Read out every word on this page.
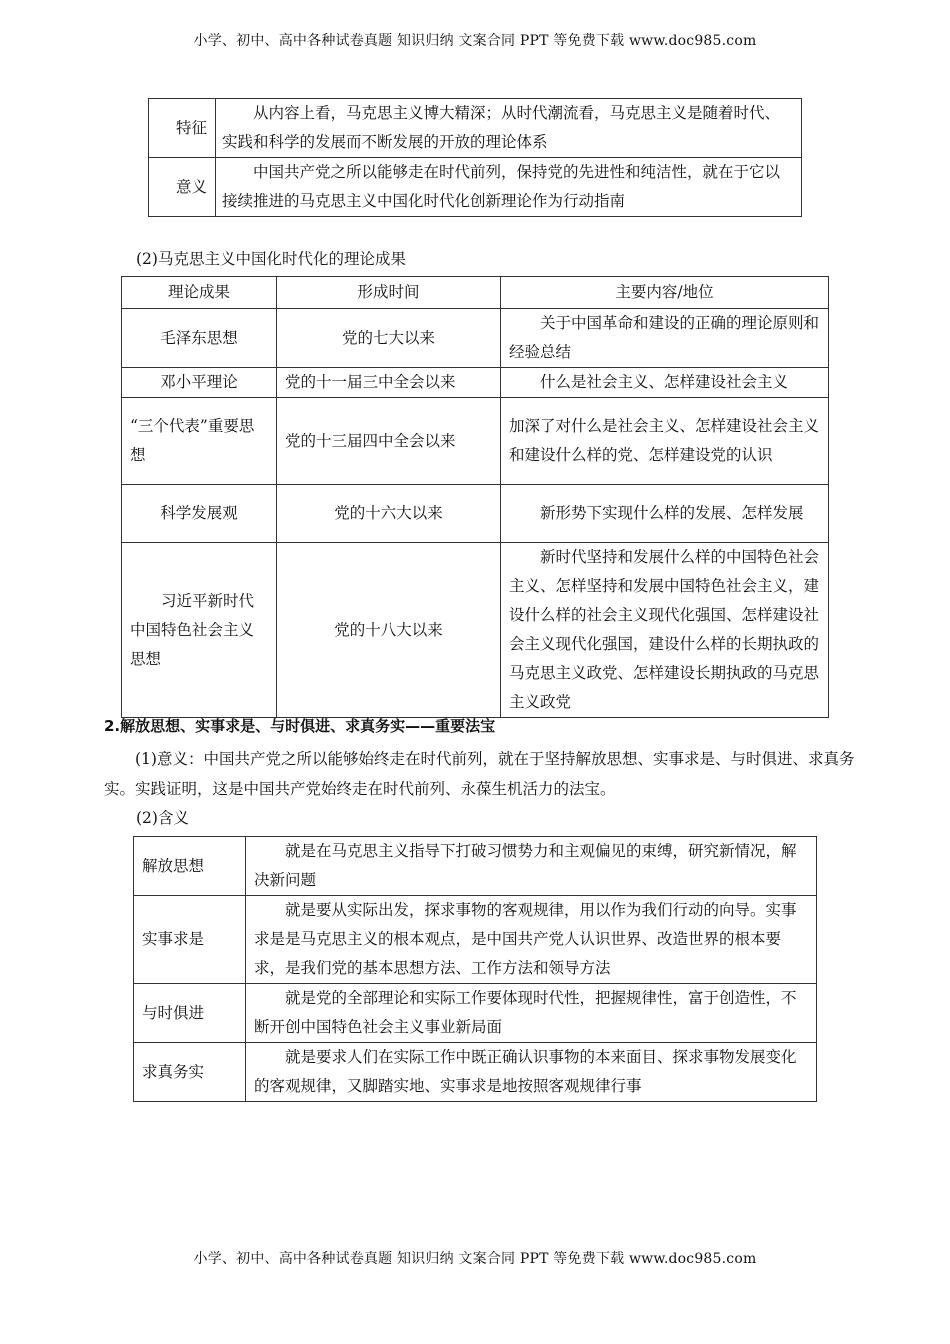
小学、初中、高中各种试卷真题 知识归纳 文案合同 PPT 等免费下载 www.doc985.com
特征	从内容上看，马克思主义博大精深；从时代潮流看，马克思主义是随着时代、实践和科学的发展而不断发展的开放的理论体系
意义	中国共产党之所以能够走在时代前列，保持党的先进性和纯洁性，就在于它以接续推进的马克思主义中国化时代化创新理论作为行动指南
(2)马克思主义中国化时代化的理论成果
理论成果	形成时间	主要内容/地位
毛泽东思想	党的七大以来	关于中国革命和建设的正确的理论原则和经验总结
邓小平理论	党的十一届三中全会以来	什么是社会主义、怎样建设社会主义
“三个代表”重要思想	党的十三届四中全会以来	加深了对什么是社会主义、怎样建设社会主义和建设什么样的党、怎样建设党的认识
科学发展观	党的十六大以来	新形势下实现什么样的发展、怎样发展
习近平新时代中国特色社会主义思想	党的十八大以来	新时代坚持和发展什么样的中国特色社会主义、怎样坚持和发展中国特色社会主义，建设什么样的社会主义现代化强国、怎样建设社会主义现代化强国，建设什么样的长期执政的马克思主义政党、怎样建设长期执政的马克思主义政党
2.解放思想、实事求是、与时俱进、求真务实——重要法宝
(1)意义：中国共产党之所以能够始终走在时代前列，就在于坚持解放思想、实事求是、与时俱进、求真务实。实践证明，这是中国共产党始终走在时代前列、永葆生机活力的法宝。
(2)含义
解放思想	就是在马克思主义指导下打破习惯势力和主观偏见的束缚，研究新情况，解决新问题
实事求是	就是要从实际出发，探求事物的客观规律，用以作为我们行动的向导。实事求是是马克思主义的根本观点，是中国共产党人认识世界、改造世界的根本要求，是我们党的基本思想方法、工作方法和领导方法
与时俱进	就是党的全部理论和实际工作要体现时代性，把握规律性，富于创造性，不断开创中国特色社会主义事业新局面
求真务实	就是要求人们在实际工作中既正确认识事物的本来面目、探求事物发展变化的客观规律，又脚踏实地、实事求是地按照客观规律行事
小学、初中、高中各种试卷真题 知识归纳 文案合同 PPT 等免费下载 www.doc985.com
